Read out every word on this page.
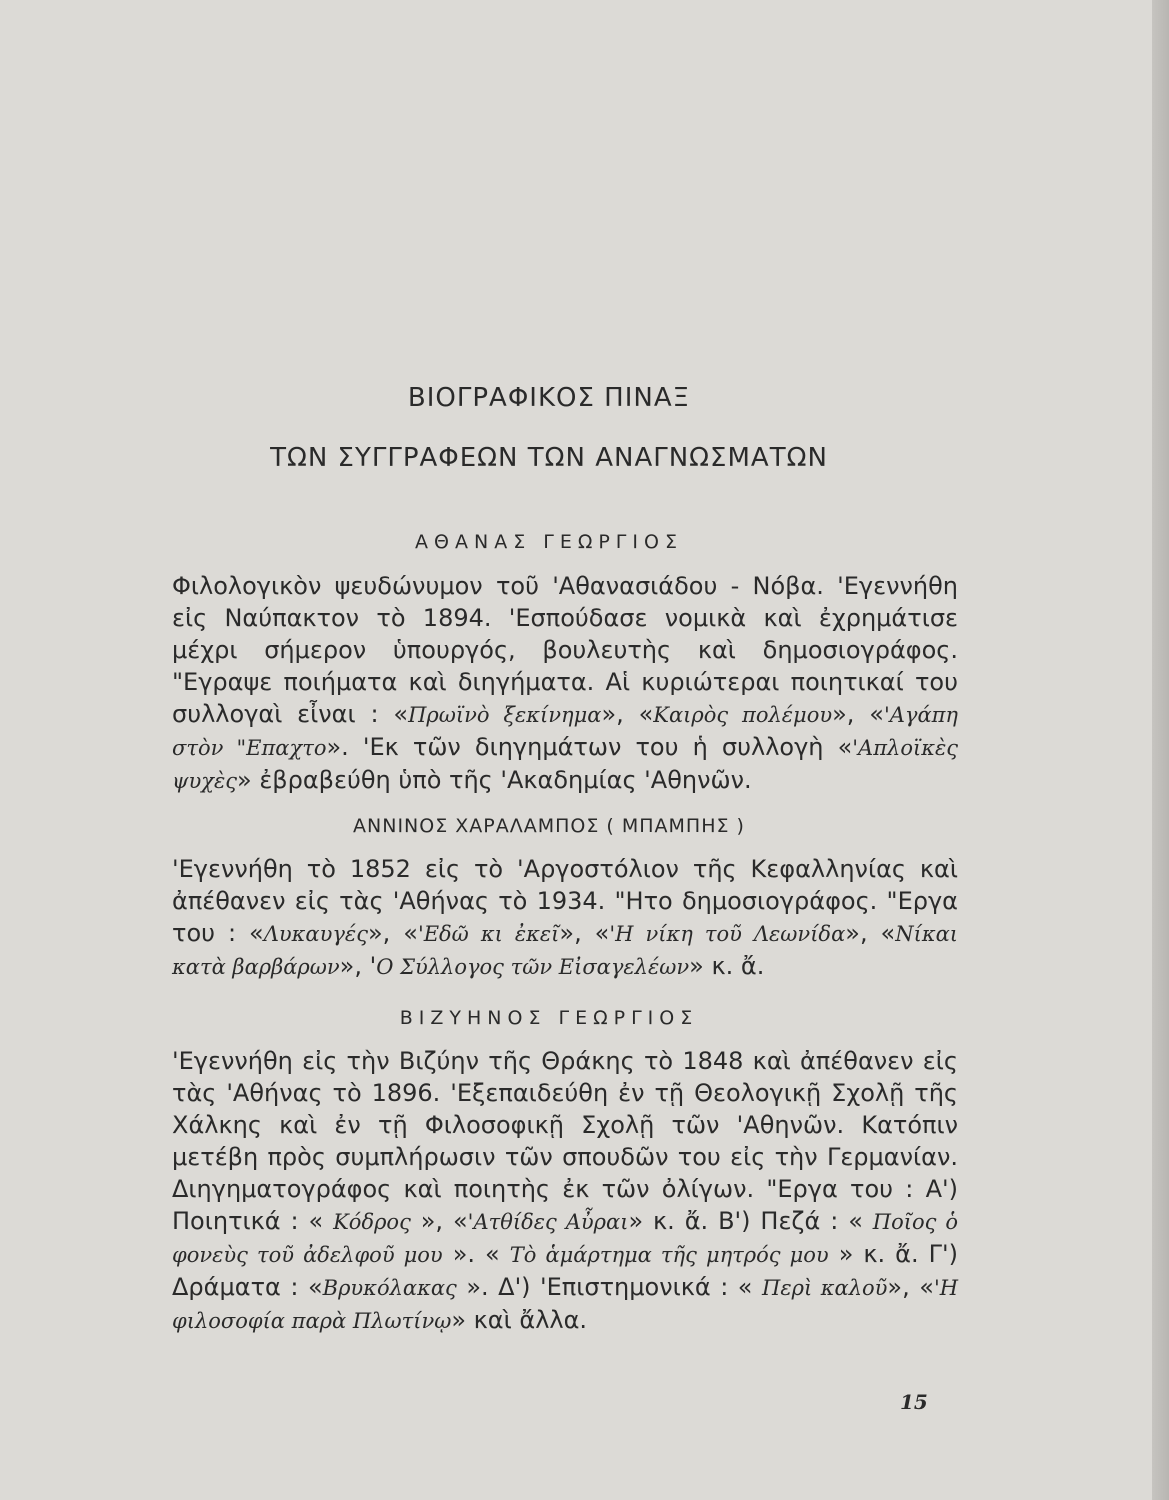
ΒΙΟΓΡΑΦΙΚΟΣ ΠΙΝΑΞ
ΤΩΝ ΣΥΓΓΡΑΦΕΩΝ ΤΩΝ ΑΝΑΓΝΩΣΜΑΤΩΝ
ΑΘΑΝΑΣ ΓΕΩΡΓΙΟΣ

Φιλολογικὸν ψευδώνυμον τοῦ 'Αθανασιάδου - Νόβα. 'Εγεννήθη εἰς Ναύπακτον τὸ 1894. 'Εσπούδασε νομικὰ καὶ ἐχρημάτισε μέχρι σήμερον ὑπουργός, βουλευτὴς καὶ δημοσιογράφος. "Εγραψε ποιήματα καὶ διηγήματα. Αἱ κυριώτεραι ποιητικαί του συλλογαὶ εἶναι : «Πρωϊνὸ ξεκίνημα», «Καιρὸς πολέμου», «'Αγάπη στὸν "Επαχτο». 'Εκ τῶν διηγημάτων του ἡ συλλογὴ «'Απλοϊκὲς ψυχὲς» ἐβραβεύθη ὑπὸ τῆς 'Ακαδημίας 'Αθηνῶν.

ΑΝΝΙΝΟΣ ΧΑΡΑΛΑΜΠΟΣ ( ΜΠΑΜΠΗΣ )

'Εγεννήθη τὸ 1852 εἰς τὸ 'Αργοστόλιον τῆς Κεφαλληνίας καὶ ἀπέθανεν εἰς τὰς 'Αθήνας τὸ 1934. "Ητο δημοσιογράφος. "Εργα του : «Λυκαυγές», «'Εδῶ κι ἐκεῖ», «'Η νίκη τοῦ Λεωνίδα», «Νίκαι κατὰ βαρβάρων», 'Ο Σύλλογος τῶν Εἰσαγελέων» κ. ἄ.

ΒΙΖΥΗΝΟΣ ΓΕΩΡΓΙΟΣ

'Εγεννήθη εἰς τὴν Βιζύην τῆς Θράκης τὸ 1848 καὶ ἀπέθανεν εἰς τὰς 'Αθήνας τὸ 1896. 'Εξεπαιδεύθη ἐν τῇ Θεολογικῇ Σχολῇ τῆς Χάλκης καὶ ἐν τῇ Φιλοσοφικῇ Σχολῇ τῶν 'Αθηνῶν. Κατόπιν μετέβη πρὸς συμπλήρωσιν τῶν σπουδῶν του εἰς τὴν Γερμανίαν. Διηγηματογράφος καὶ ποιητὴς ἐκ τῶν ὀλίγων. "Εργα του : Α') Ποιητικά : « Κόδρος », «'Ατθίδες Αὖραι» κ. ἄ. Β') Πεζά : « Ποῖος ὁ φονεὺς τοῦ ἀδελφοῦ μου ». « Τὸ ἁμάρτημα τῆς μητρός μου » κ. ἄ. Γ') Δράματα : «Βρυκόλακας ». Δ') 'Επιστημονικά : « Περὶ καλοῦ», «'Η φιλοσοφία παρὰ Πλωτίνῳ» καὶ ἄλλα.

15
